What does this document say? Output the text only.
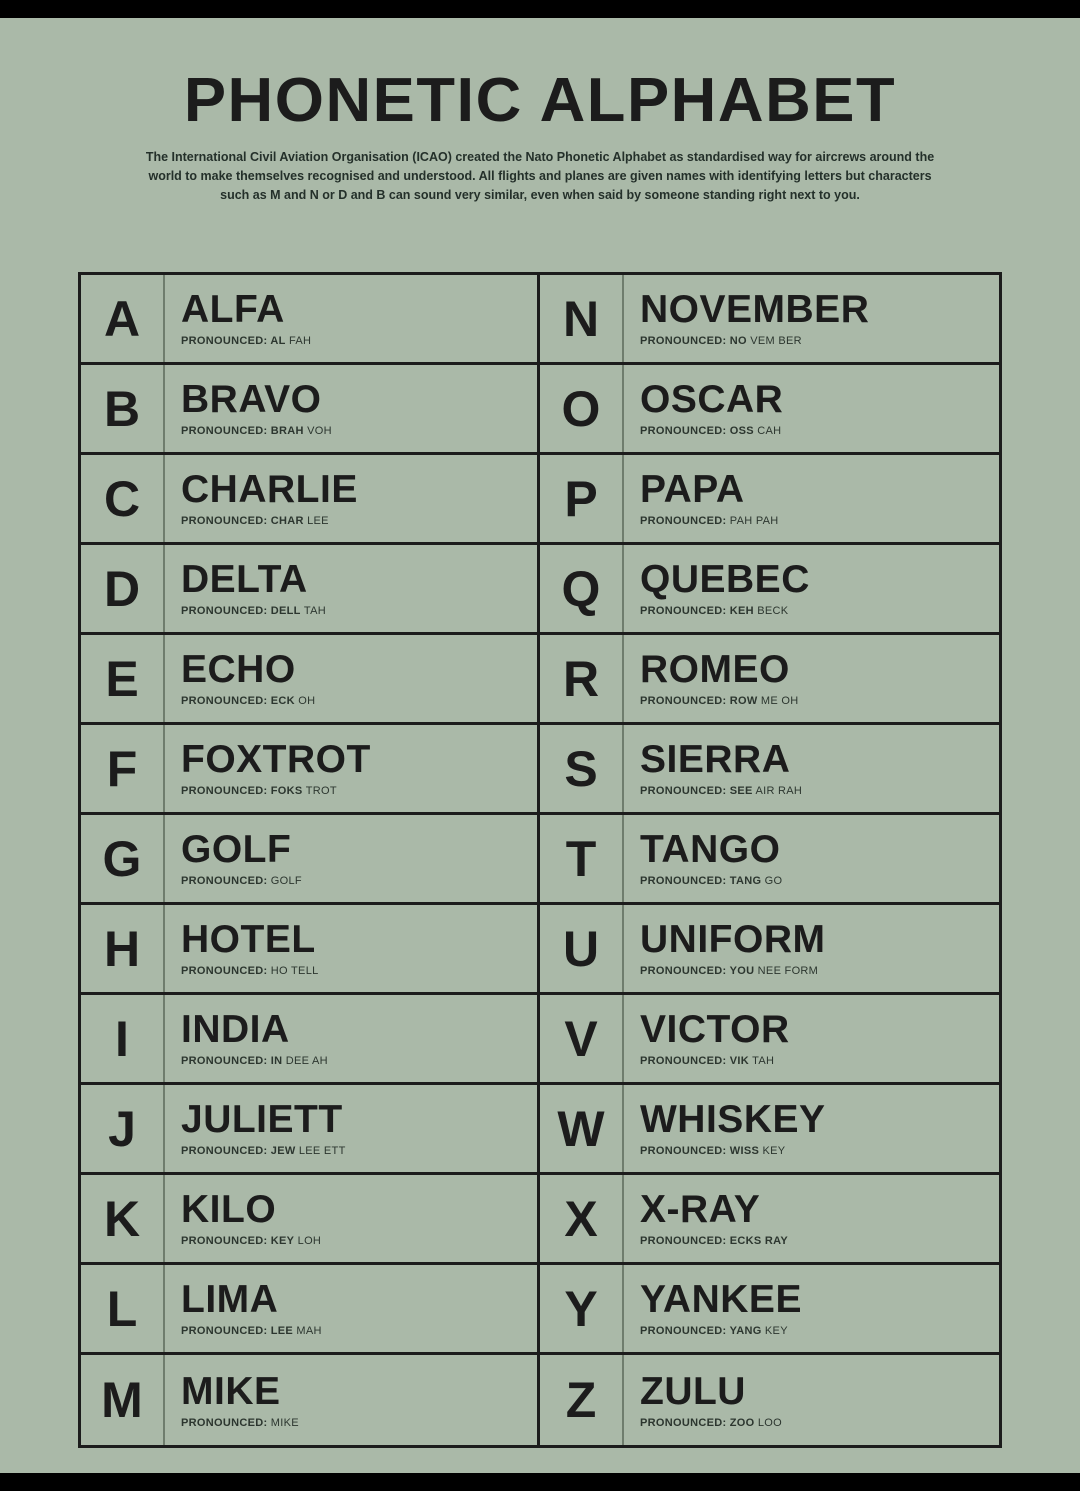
PHONETIC ALPHABET

The International Civil Aviation Organisation (ICAO) created the Nato Phonetic Alphabet as standardised way for aircrews around the world to make themselves recognised and understood. All flights and planes are given names with identifying letters but characters such as M and N or D and B can sound very similar, even when said by someone standing right next to you.

A	ALFA
PRONOUNCED: AL FAH
B	BRAVO
PRONOUNCED: BRAH VOH
C	CHARLIE
PRONOUNCED: CHAR LEE
D	DELTA
PRONOUNCED: DELL TAH
E	ECHO
PRONOUNCED: ECK OH
F	FOXTROT
PRONOUNCED: FOKS TROT
G	GOLF
PRONOUNCED: GOLF
H	HOTEL
PRONOUNCED: HO TELL
I	INDIA
PRONOUNCED: IN DEE AH
J	JULIETT
PRONOUNCED: JEW LEE ETT
K	KILO
PRONOUNCED: KEY LOH
L	LIMA
PRONOUNCED: LEE MAH
M MIKE
PRONOUNCED: MIKE
N	NOVEMBER
PRONOUNCED: NO VEM BER
O	OSCAR
PRONOUNCED: OSS CAH
P	PAPA
PRONOUNCED: PAH PAH
Q	QUEBEC
PRONOUNCED: KEH BECK
R	ROMEO
PRONOUNCED: ROW ME OH
S	SIERRA
PRONOUNCED: SEE AIR RAH
T	TANGO
PRONOUNCED: TANG GO
U	UNIFORM
PRONOUNCED: YOU NEE FORM
V	VICTOR
PRONOUNCED: VIK TAH
W WHISKEY
PRONOUNCED: WISS KEY
X	X-RAY
PRONOUNCED: ECKS RAY
Y	YANKEE
PRONOUNCED: YANG KEY
Z	ZULU
PRONOUNCED: ZOO LOO
